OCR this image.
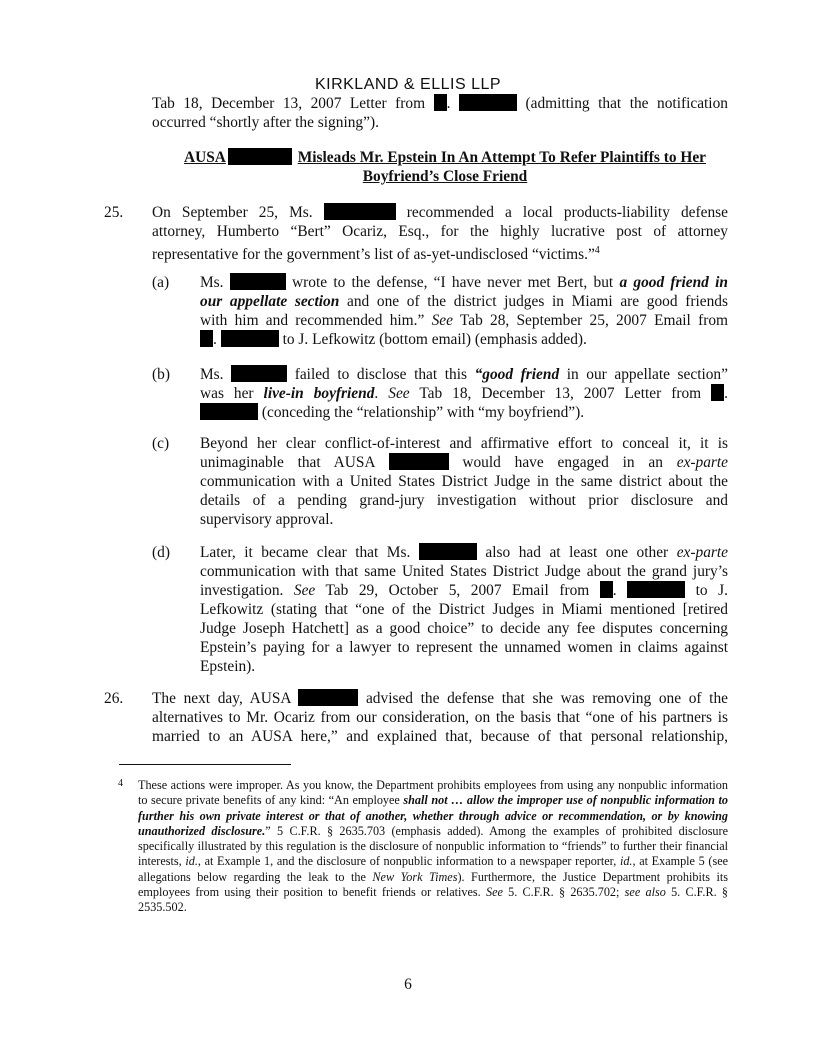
KIRKLAND & ELLIS LLP
Tab 18, December 13, 2007 Letter from .	(admitting that the notification
occurred “shortly after the signing”).
AUSA	Misleads Mr. Epstein In An Attempt To Refer Plaintiffs to Her
Boyfriend’s Close Friend
25. On September 25, Ms.	recommended a local products-liability defense
attorney, Humberto “Bert” Ocariz, Esq., for the highly lucrative post of attorney
representative for the government’s list of as-yet-undisclosed “victims.”$^4$
(a) Ms.	wrote to the defense, “I have never met Bert, but a good friend in
our appellate section and one of the district judges in Miami are good friends
with him and recommended him.” See Tab 28, September 25, 2007 Email from
.	to J. Lefkowitz (bottom email) (emphasis added).
(b) Ms.	failed to disclose that this “good friend in our appellate section”
was her live-in boyfriend. See Tab 18, December 13, 2007 Letter from .
(conceding the “relationship” with “my boyfriend”).
(c) Beyond her clear conflict-of-interest and affirmative effort to conceal it, it is
unimaginable that AUSA	would have engaged in an ex-parte
communication with a United States District Judge in the same district about the
details of a pending grand-jury investigation without prior disclosure and
supervisory approval.
(d) Later, it became clear that Ms.	also had at least one other ex-parte
communication with that same United States District Judge about the grand jury’s
investigation. See Tab 29, October 5, 2007 Email from .	to J.
Lefkowitz (stating that “one of the District Judges in Miami mentioned [retired
Judge Joseph Hatchett] as a good choice” to decide any fee disputes concerning
Epstein’s paying for a lawyer to represent the unnamed women in claims against
Epstein).
26. The next day, AUSA	advised the defense that she was removing one of the
alternatives to Mr. Ocariz from our consideration, on the basis that “one of his partners is
married to an AUSA here,” and explained that, because of that personal relationship,
4 These actions were improper. As you know, the Department prohibits employees from using any nonpublic information to secure private benefits of any kind: “An employee shall not … allow the improper use of nonpublic information to further his own private interest or that of another, whether through advice or recommendation, or by knowing unauthorized disclosure.” 5 C.F.R. § 2635.703 (emphasis added). Among the examples of prohibited disclosure specifically illustrated by this regulation is the disclosure of nonpublic information to “friends” to further their financial interests, id., at Example 1, and the disclosure of nonpublic information to a newspaper reporter, id., at Example 5 (see allegations below regarding the leak to the New York Times). Furthermore, the Justice Department prohibits its employees from using their position to benefit friends or relatives. See 5. C.F.R. § 2635.702; see also 5. C.F.R. § 2535.502.
6
